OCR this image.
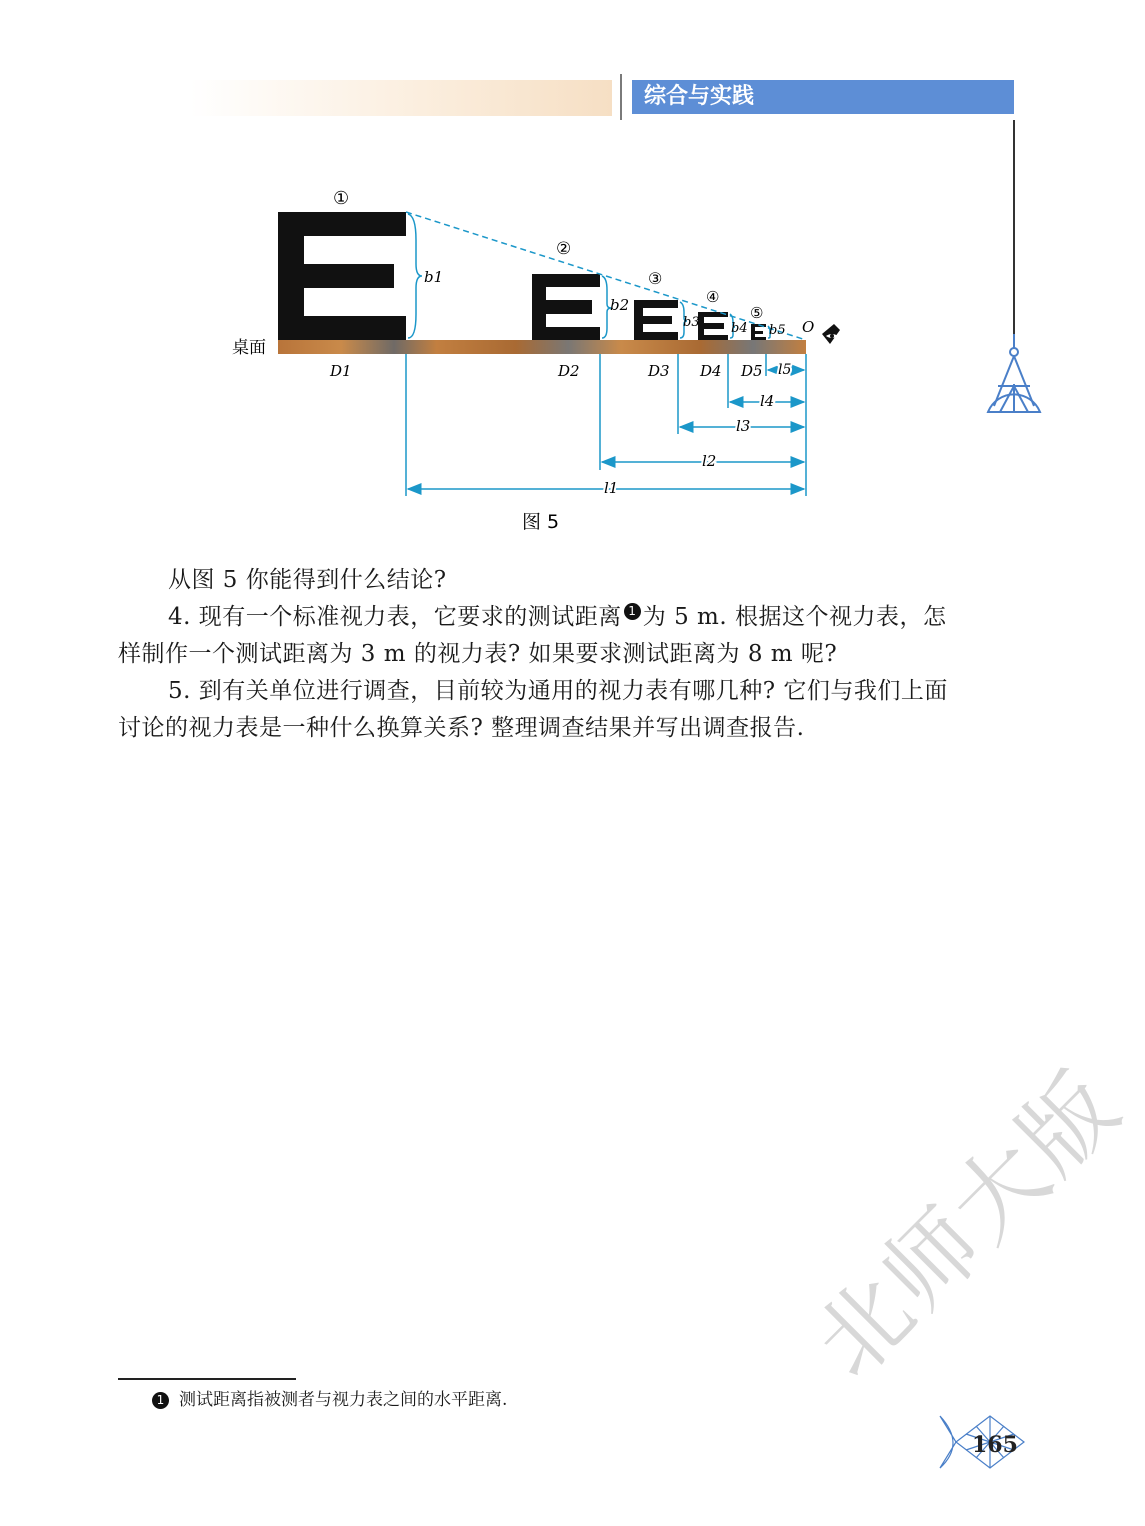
综合与实践
桌面
①
②
③
④
⑤
O
b1
b2
b3 b4 b5
D1	D2	D3 D4 D5 l5
l4
l3
l2
l1
图 5

从图 5 你能得到什么结论?

4. 现有一个标准视力表，它要求的测试距离 1 为 5 m. 根据这个视力表，怎样制作一个测试距离为 3 m 的视力表? 如果要求测试距离为 8 m 呢?

5. 到有关单位进行调查，目前较为通用的视力表有哪几种? 它们与我们上面讨论的视力表是一种什么换算关系? 整理调查结果并写出调查报告.

1 测试距离指被测者与视力表之间的水平距离.
北师大版
165
